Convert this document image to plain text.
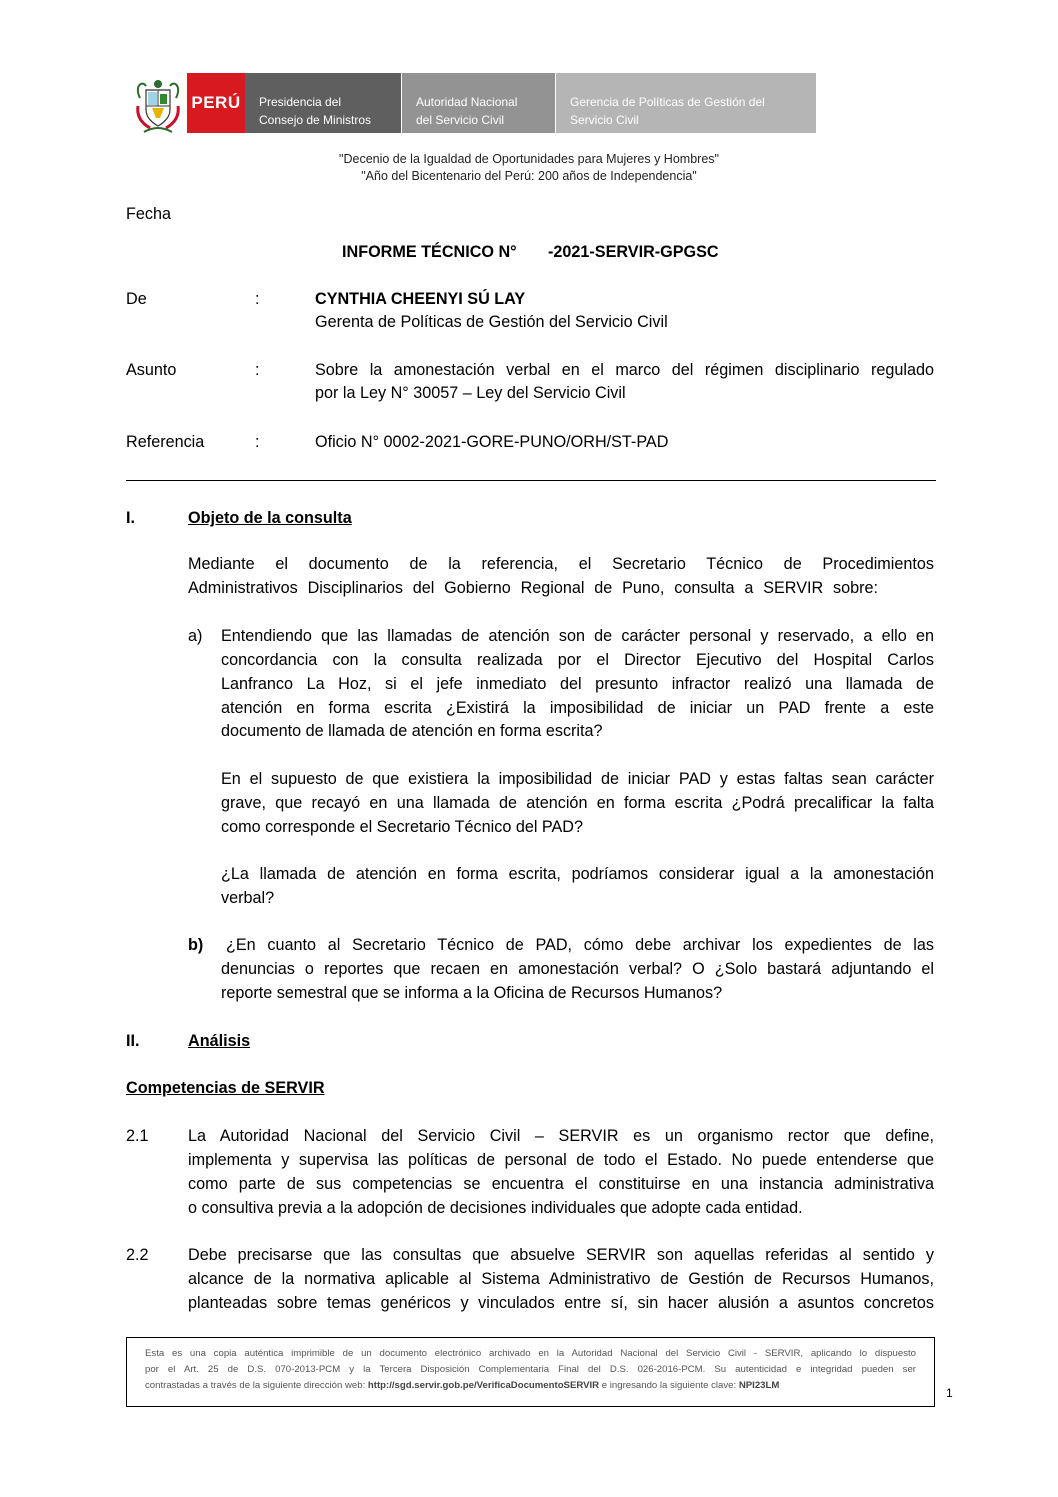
PERÚ	Presidencia del
Consejo de Ministros
Autoridad Nacional
del Servicio Civil
Gerencia de Políticas de Gestión del
Servicio Civil
"Decenio de la Igualdad de Oportunidades para Mujeres y Hombres"
"Año del Bicentenario del Perú: 200 años de Independencia"
Fecha
INFORME TÉCNICO N° -2021-SERVIR-GPGSC
De	:	CYNTHIA CHEENYI SÚ LAY
Gerenta de Políticas de Gestión del Servicio Civil
Asunto	:	Sobre la amonestación verbal en el marco del régimen disciplinario regulado
por la Ley N° 30057 – Ley del Servicio Civil
Referencia	:	Oficio N° 0002-2021-GORE-PUNO/ORH/ST-PAD
I.	Objeto de la consulta
Mediante el documento de la referencia, el Secretario Técnico de Procedimientos
Administrativos Disciplinarios del Gobierno Regional de Puno, consulta a SERVIR sobre:
a) Entendiendo que las llamadas de atención son de carácter personal y reservado, a ello en
concordancia con la consulta realizada por el Director Ejecutivo del Hospital Carlos
Lanfranco La Hoz, si el jefe inmediato del presunto infractor realizó una llamada de
atención en forma escrita ¿Existirá la imposibilidad de iniciar un PAD frente a este
documento de llamada de atención en forma escrita?
En el supuesto de que existiera la imposibilidad de iniciar PAD y estas faltas sean carácter
grave, que recayó en una llamada de atención en forma escrita ¿Podrá precalificar la falta
como corresponde el Secretario Técnico del PAD?
¿La llamada de atención en forma escrita, podríamos considerar igual a la amonestación
verbal?
b) ¿En cuanto al Secretario Técnico de PAD, cómo debe archivar los expedientes de las
denuncias o reportes que recaen en amonestación verbal? O ¿Solo bastará adjuntando el
reporte semestral que se informa a la Oficina de Recursos Humanos?
II.	Análisis
Competencias de SERVIR
2.1 La Autoridad Nacional del Servicio Civil – SERVIR es un organismo rector que define,
implementa y supervisa las políticas de personal de todo el Estado. No puede entenderse que
como parte de sus competencias se encuentra el constituirse en una instancia administrativa
o consultiva previa a la adopción de decisiones individuales que adopte cada entidad.
2.2 Debe precisarse que las consultas que absuelve SERVIR son aquellas referidas al sentido y
alcance de la normativa aplicable al Sistema Administrativo de Gestión de Recursos Humanos,
planteadas sobre temas genéricos y vinculados entre sí, sin hacer alusión a asuntos concretos
Esta es una copia auténtica imprimible de un documento electrónico archivado en la Autoridad Nacional del Servicio Civil - SERVIR, aplicando lo dispuesto
por el Art. 25 de D.S. 070-2013-PCM y la Tercera Disposición Complementaria Final del D.S. 026-2016-PCM. Su autenticidad e integridad pueden ser
contrastadas a través de la siguiente dirección web: http://sgd.servir.gob.pe/VerificaDocumentoSERVIR e ingresando la siguiente clave: NPI23LM
1
